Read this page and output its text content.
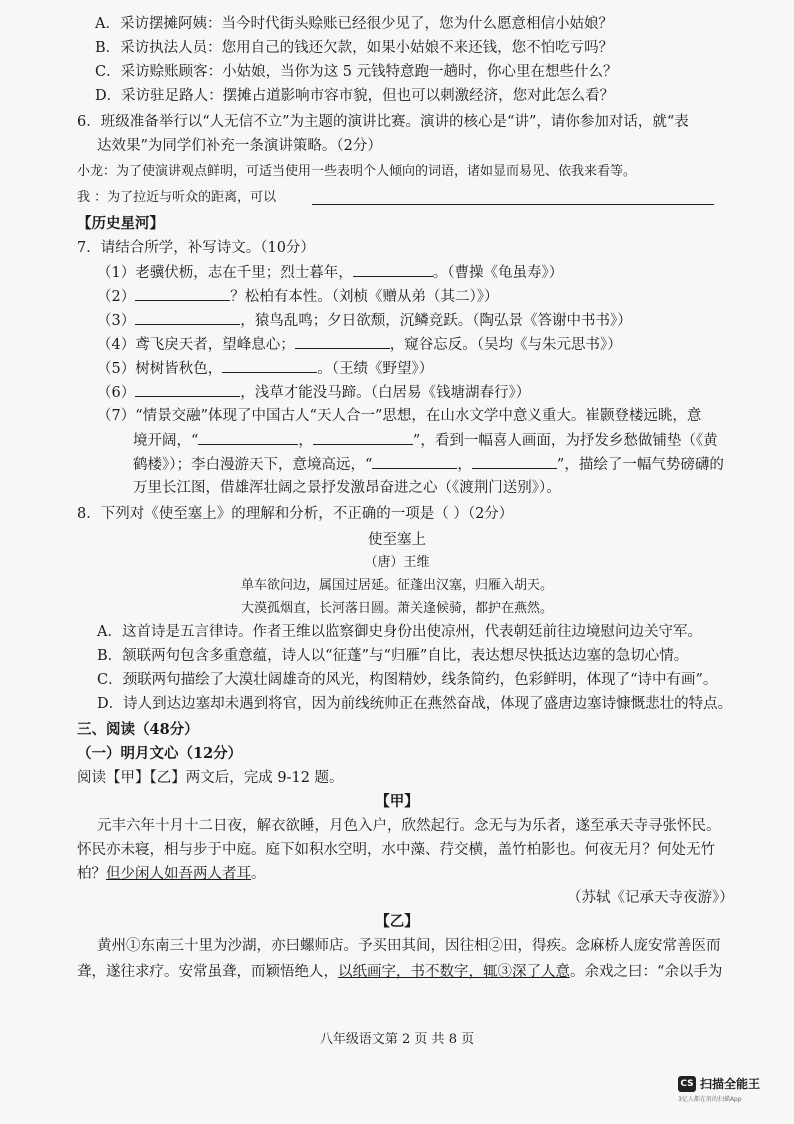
A．采访摆摊阿姨：当今时代街头赊账已经很少见了，您为什么愿意相信小姑娘？
B．采访执法人员：您用自己的钱还欠款，如果小姑娘不来还钱，您不怕吃亏吗？
C．采访赊账顾客：小姑娘，当你为这 5 元钱特意跑一趟时，你心里在想些什么？
D．采访驻足路人：摆摊占道影响市容市貌，但也可以刺激经济，您对此怎么看？
6．班级准备举行以“人无信不立”为主题的演讲比赛。演讲的核心是“讲”，请你参加对话，就“表
达效果”为同学们补充一条演讲策略。（2分）
小龙：为了使演讲观点鲜明，可适当使用一些表明个人倾向的词语，诸如显而易见、依我来看等。
我 ：为了拉近与听众的距离，可以
【历史星河】
7．请结合所学，补写诗文。（10分）
（1）老骥伏枥，志在千里；烈士暮年，	。（曹操《龟虽寿》）
（2）	？松柏有本性。（刘桢《赠从弟（其二）》）
（3）	，猿鸟乱鸣；夕日欲颓，沉鳞竞跃。（陶弘景《答谢中书书》）
（4）鸢飞戾天者，望峰息心；	，窥谷忘反。（吴均《与朱元思书》）
（5）树树皆秋色，	。（王绩《野望》）
（6）	，浅草才能没马蹄。（白居易《钱塘湖春行》）
（7）“情景交融”体现了中国古人“天人合一”思想，在山水文学中意义重大。崔颢登楼远眺，意
境开阔，“	，	”，看到一幅喜人画面，为抒发乡愁做铺垫（《黄
鹤楼》）；李白漫游天下，意境高远，“	，	”，描绘了一幅气势磅礴的
万里长江图，借雄浑壮阔之景抒发激昂奋进之心（《渡荆门送别》）。
8．下列对《使至塞上》的理解和分析，不正确的一项是（ ）（2分）
使至塞上
（唐）王维
单车欲问边，属国过居延。征蓬出汉塞，归雁入胡天。
大漠孤烟直，长河落日圆。萧关逢候骑，都护在燕然。
A．这首诗是五言律诗。作者王维以监察御史身份出使凉州，代表朝廷前往边境慰问边关守军。
B．颔联两句包含多重意蕴，诗人以“征蓬”与“归雁”自比，表达想尽快抵达边塞的急切心情。
C．颈联两句描绘了大漠壮阔雄奇的风光，构图精妙，线条简约，色彩鲜明，体现了“诗中有画”。
D．诗人到达边塞却未遇到将官，因为前线统帅正在燕然奋战，体现了盛唐边塞诗慷慨悲壮的特点。
三、阅读（48分）
（一）明月文心（12分）
阅读【甲】【乙】两文后，完成 9-12 题。
【甲】
元丰六年十月十二日夜，解衣欲睡，月色入户，欣然起行。念无与为乐者，遂至承天寺寻张怀民。
怀民亦未寝，相与步于中庭。庭下如积水空明，水中藻、荇交横，盖竹柏影也。何夜无月？何处无竹
柏？但少闲人如吾两人者耳。
（苏轼《记承天寺夜游》）
【乙】
黄州①东南三十里为沙湖，亦曰螺师店。予买田其间，因往相②田，得疾。念麻桥人庞安常善医而
聋，遂往求疗。安常虽聋，而颖悟绝人，以纸画字，书不数字，辄③深了人意。余戏之曰：“余以手为
八年级语文第 2 页 共 8 页
CS 扫描全能王
3亿人都在用的扫描App
